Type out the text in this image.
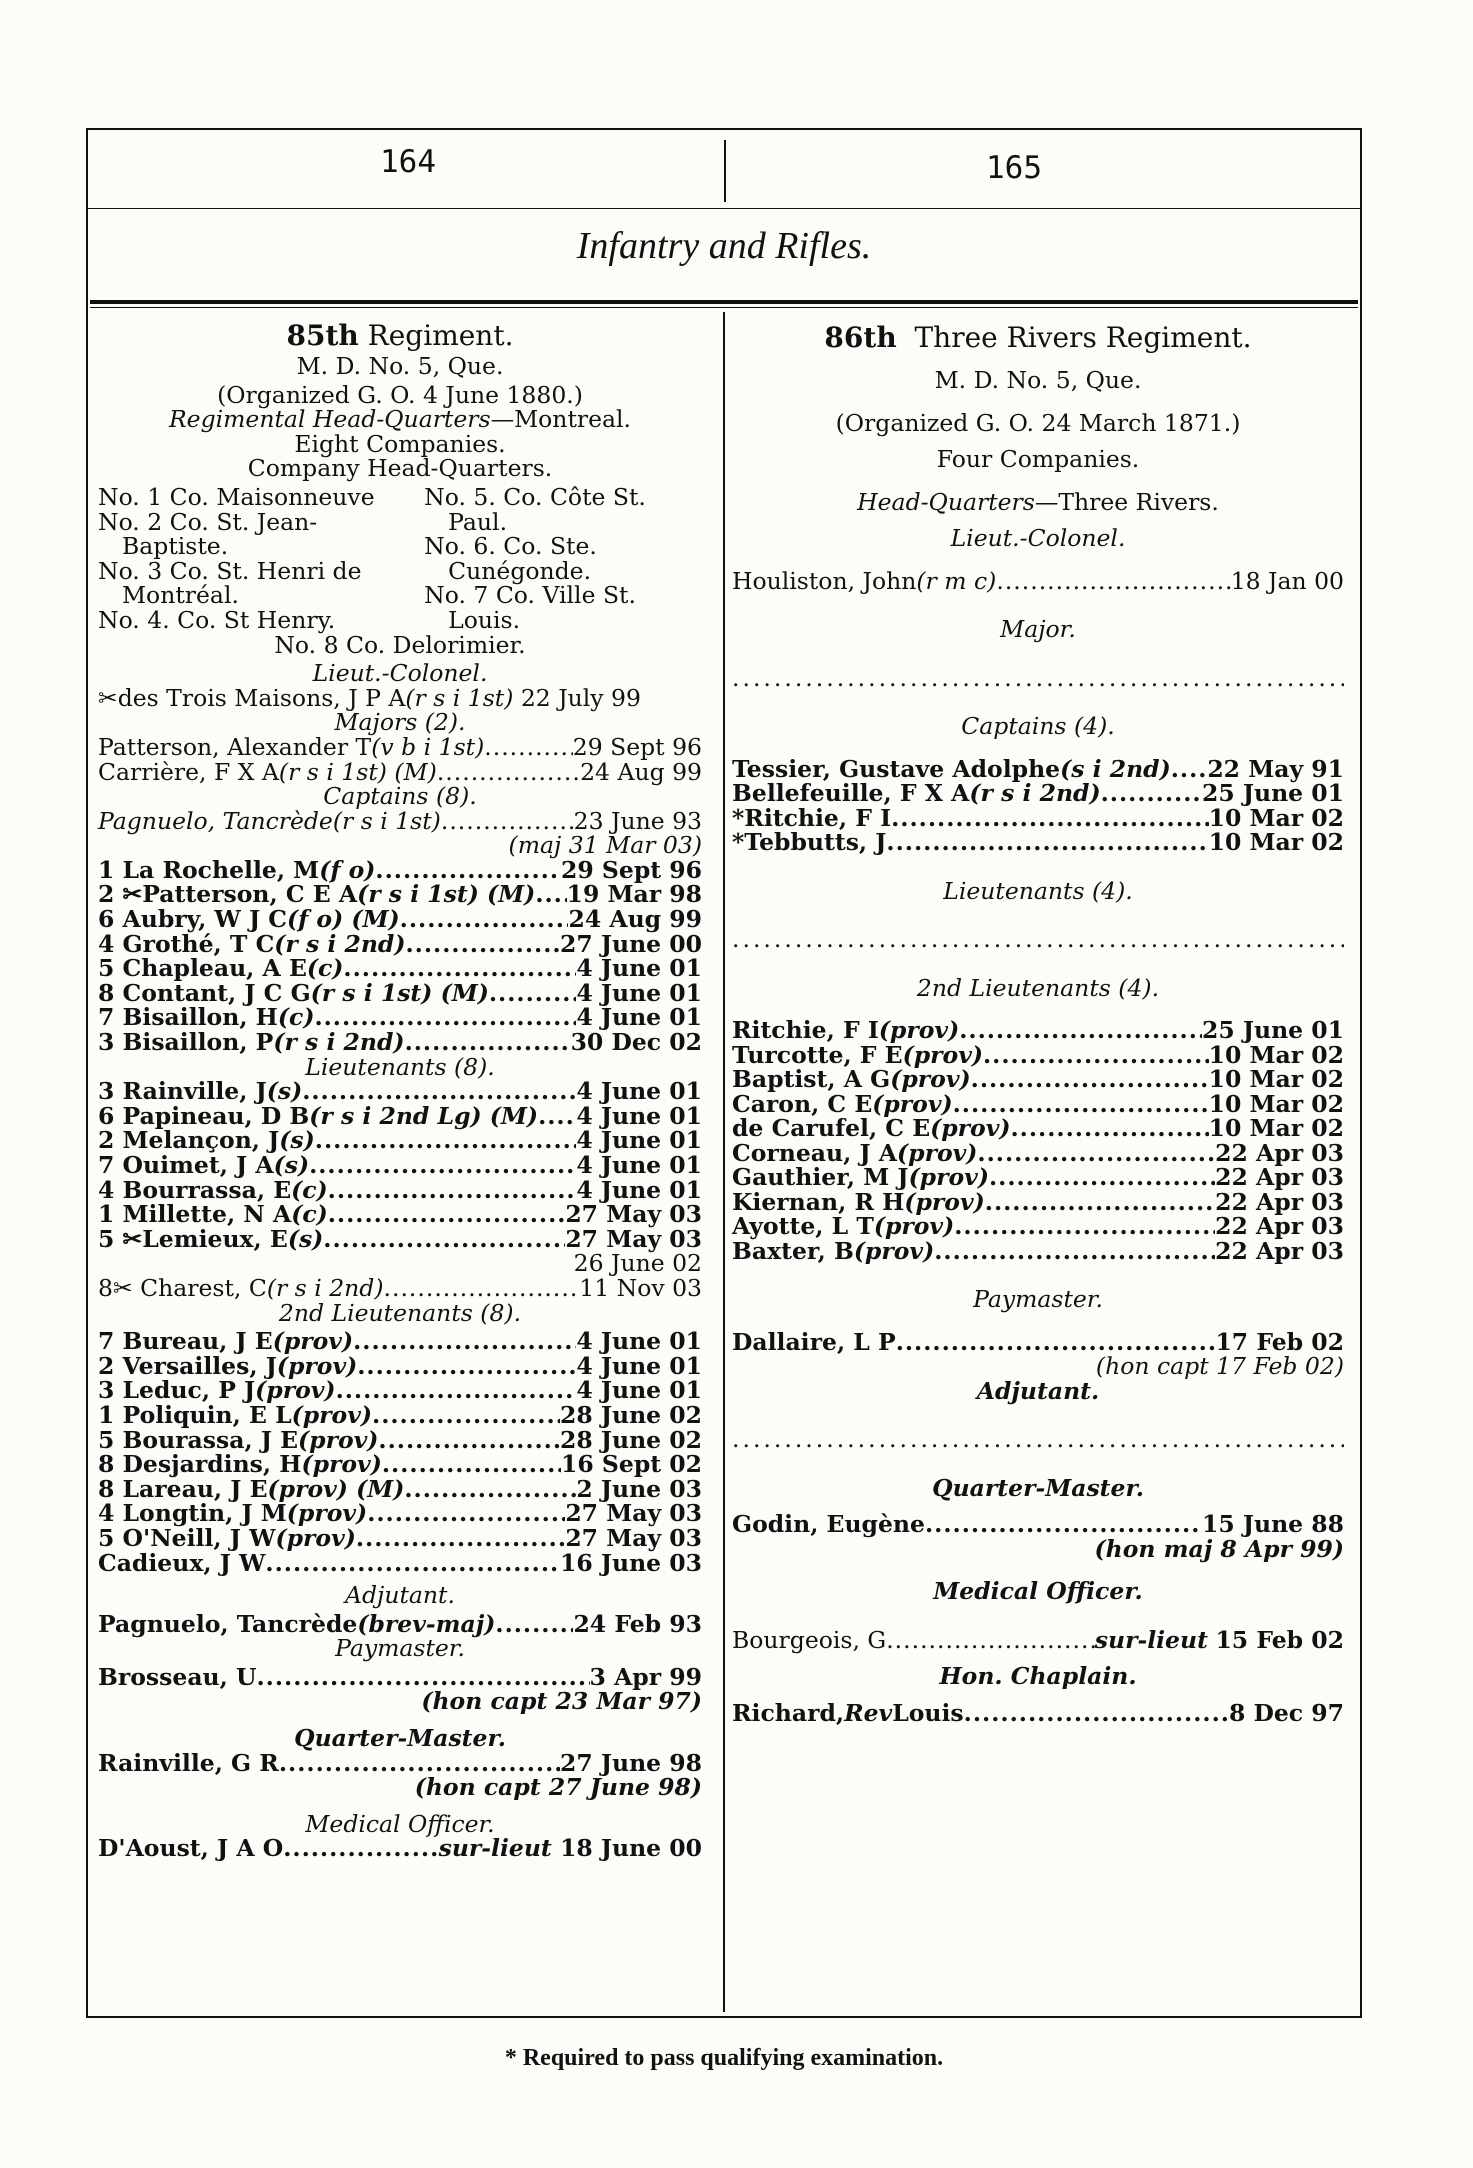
164	165
Infantry and Rifles.
85th Regiment.
M. D. No. 5, Que.
(Organized G. O. 4 June 1880.)
Regimental Head-Quarters—Montreal.
Eight Companies.
Company Head-Quarters.
No. 1 Co. Maisonneuve
No. 2 Co. St. Jean-
Baptiste.
No. 3 Co. St. Henri de
Montréal.
No. 4. Co. St Henry.
No. 5. Co. Côte St.
Paul.
No. 6. Co. Ste.
Cunégonde.
No. 7 Co. Ville St.
Louis.
No. 8 Co. Delorimier.
Lieut.-Colonel.
✂des Trois Maisons, J P A (r s i 1st)
22 July 99
Majors (2).
Patterson, Alexander T (v b i 1st) .....	29 Sept 96
Carrière, F X A (r s i 1st) (M) .....	24 Aug 99
Captains (8).
Pagnuelo, Tancrède (r s i 1st) .....	23 June 93
(maj 31 Mar 03)
1 La Rochelle, M (f o) .....	29 Sept 96
2 ✂Patterson, C E A (r s i 1st) (M) ..... 19 Mar 98
6 Aubry, W J C (f o) (M) .....	24 Aug 99
4 Grothé, T C (r s i 2nd) .....	27 June 00
5 Chapleau, A E (c) .....	4 June 01
8 Contant, J C G (r s i 1st) (M) .....	4 June 01
7 Bisaillon, H (c) .....	4 June 01
3 Bisaillon, P (r s i 2nd) .....	30 Dec 02
Lieutenants (8).
3 Rainville, J (s) .....	4 June 01
6 Papineau, D B (r s i 2nd Lg) (M) ..... 4 June 01
2 Melançon, J (s) .....	4 June 01
7 Ouimet, J A (s) .....	4 June 01
4 Bourrassa, E (c) .....	4 June 01
1 Millette, N A (c) .....	27 May 03
5 ✂Lemieux, E (s) .....	27 May 03
26 June 02
8✂ Charest, C (r s i 2nd) .....	11 Nov 03
2nd Lieutenants (8).
7 Bureau, J E (prov) .....	4 June 01
2 Versailles, J (prov) .....	4 June 01
3 Leduc, P J (prov) .....	4 June 01
1 Poliquin, E L (prov) .....	28 June 02
5 Bourassa, J E (prov) .....	28 June 02
8 Desjardins, H (prov) .....	16 Sept 02
8 Lareau, J E (prov) (M) .....	2 June 03
4 Longtin, J M (prov) .....	27 May 03
5 O'Neill, J W (prov) .....	27 May 03
Cadieux, J W .....	16 June 03
Adjutant.
Pagnuelo, Tancrède (brev-maj) .....	24 Feb 93
Paymaster.
Brosseau, U .....	3 Apr 99
(hon capt 23 Mar 97)
Quarter-Master.
Rainville, G R .....	27 June 98
(hon capt 27 June 98)
Medical Officer.
D'Aoust, J A O .....	sur-lieut
18 June 00
86th Three Rivers Regiment.
M. D. No. 5, Que.
(Organized G. O. 24 March 1871.)
Four Companies.
Head-Quarters—Three Rivers.
Lieut.-Colonel.
Houliston, John (r m c) .....	18 Jan 00
Major.
.....
Captains (4).
Tessier, Gustave Adolphe (s i 2nd) ..... 22 May 91
Bellefeuille, F X A (r s i 2nd) .....	25 June 01
*Ritchie, F I .....	10 Mar 02
*Tebbutts, J .....	10 Mar 02
Lieutenants (4).
.....
2nd Lieutenants (4).
Ritchie, F I (prov) .....	25 June 01
Turcotte, F E (prov) .....	10 Mar 02
Baptist, A G (prov) .....	10 Mar 02
Caron, C E (prov) .....	10 Mar 02
de Carufel, C E (prov) .....	10 Mar 02
Corneau, J A (prov) .....	22 Apr 03
Gauthier, M J (prov) .....	22 Apr 03
Kiernan, R H (prov) .....	22 Apr 03
Ayotte, L T (prov) .....	22 Apr 03
Baxter, B (prov) .....	22 Apr 03
Paymaster.
Dallaire, L P .....	17 Feb 02
(hon capt 17 Feb 02)
Adjutant.
.....
Quarter-Master.
Godin, Eugène .....	15 June 88
(hon maj 8 Apr 99)
Medical Officer.
Bourgeois, G .....	sur-lieut
15 Feb 02
Hon. Chaplain.
Richard, Rev Louis .....	8 Dec 97
* Required to pass qualifying examination.
